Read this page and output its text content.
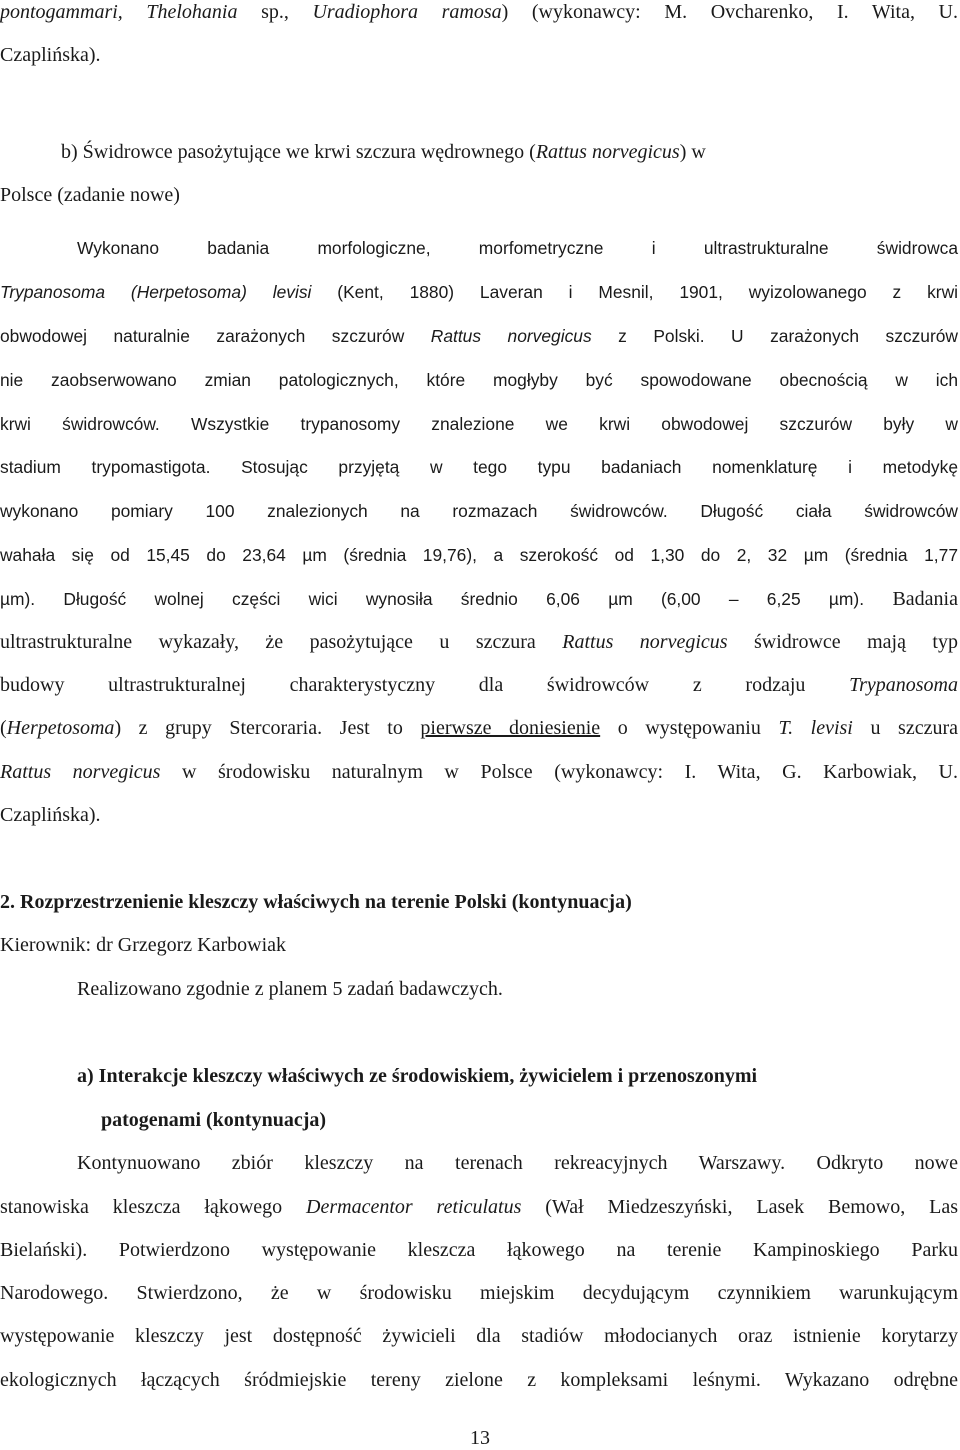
pontogammari, Thelohania sp., Uradiophora ramosa) (wykonawcy: M. Ovcharenko, I. Wita, U.
Czaplińska).
b) Świdrowce pasożytujące we krwi szczura wędrownego (Rattus norvegicus) w
Polsce (zadanie nowe)
Wykonano badania morfologiczne, morfometryczne i ultrastrukturalne świdrowca
Trypanosoma (Herpetosoma) levisi (Kent, 1880) Laveran i Mesnil, 1901, wyizolowanego z krwi
obwodowej naturalnie zarażonych szczurów Rattus norvegicus z Polski. U zarażonych szczurów
nie zaobserwowano zmian patologicznych, które mogłyby być spowodowane obecnością w ich
krwi świdrowców. Wszystkie trypanosomy znalezione we krwi obwodowej szczurów były w
stadium trypomastigota. Stosując przyjętą w tego typu badaniach nomenklaturę i metodykę
wykonano pomiary 100 znalezionych na rozmazach świdrowców. Długość ciała świdrowców
wahała się od 15,45 do 23,64 µm (średnia 19,76), a szerokość od 1,30 do 2, 32 µm (średnia 1,77
µm). Długość wolnej części wici wynosiła średnio 6,06 µm (6,00 – 6,25 µm). Badania
ultrastrukturalne wykazały, że pasożytujące u szczura Rattus norvegicus świdrowce mają typ
budowy ultrastrukturalnej charakterystyczny dla świdrowców z rodzaju Trypanosoma
(Herpetosoma) z grupy Stercoraria. Jest to pierwsze doniesienie o występowaniu T. levisi u szczura
Rattus norvegicus w środowisku naturalnym w Polsce (wykonawcy: I. Wita, G. Karbowiak, U.
Czaplińska).
2. Rozprzestrzenienie kleszczy właściwych na terenie Polski (kontynuacja)
Kierownik: dr Grzegorz Karbowiak
Realizowano zgodnie z planem 5 zadań badawczych.
a) Interakcje kleszczy właściwych ze środowiskiem, żywicielem i przenoszonymi
patogenami (kontynuacja)
Kontynuowano zbiór kleszczy na terenach rekreacyjnych Warszawy. Odkryto nowe
stanowiska kleszcza łąkowego Dermacentor reticulatus (Wał Miedzeszyński, Lasek Bemowo, Las
Bielański). Potwierdzono występowanie kleszcza łąkowego na terenie Kampinoskiego Parku
Narodowego. Stwierdzono, że w środowisku miejskim decydującym czynnikiem warunkującym
występowanie kleszczy jest dostępność żywicieli dla stadiów młodocianych oraz istnienie korytarzy
ekologicznych łączących śródmiejskie tereny zielone z kompleksami leśnymi. Wykazano odrębne
13
